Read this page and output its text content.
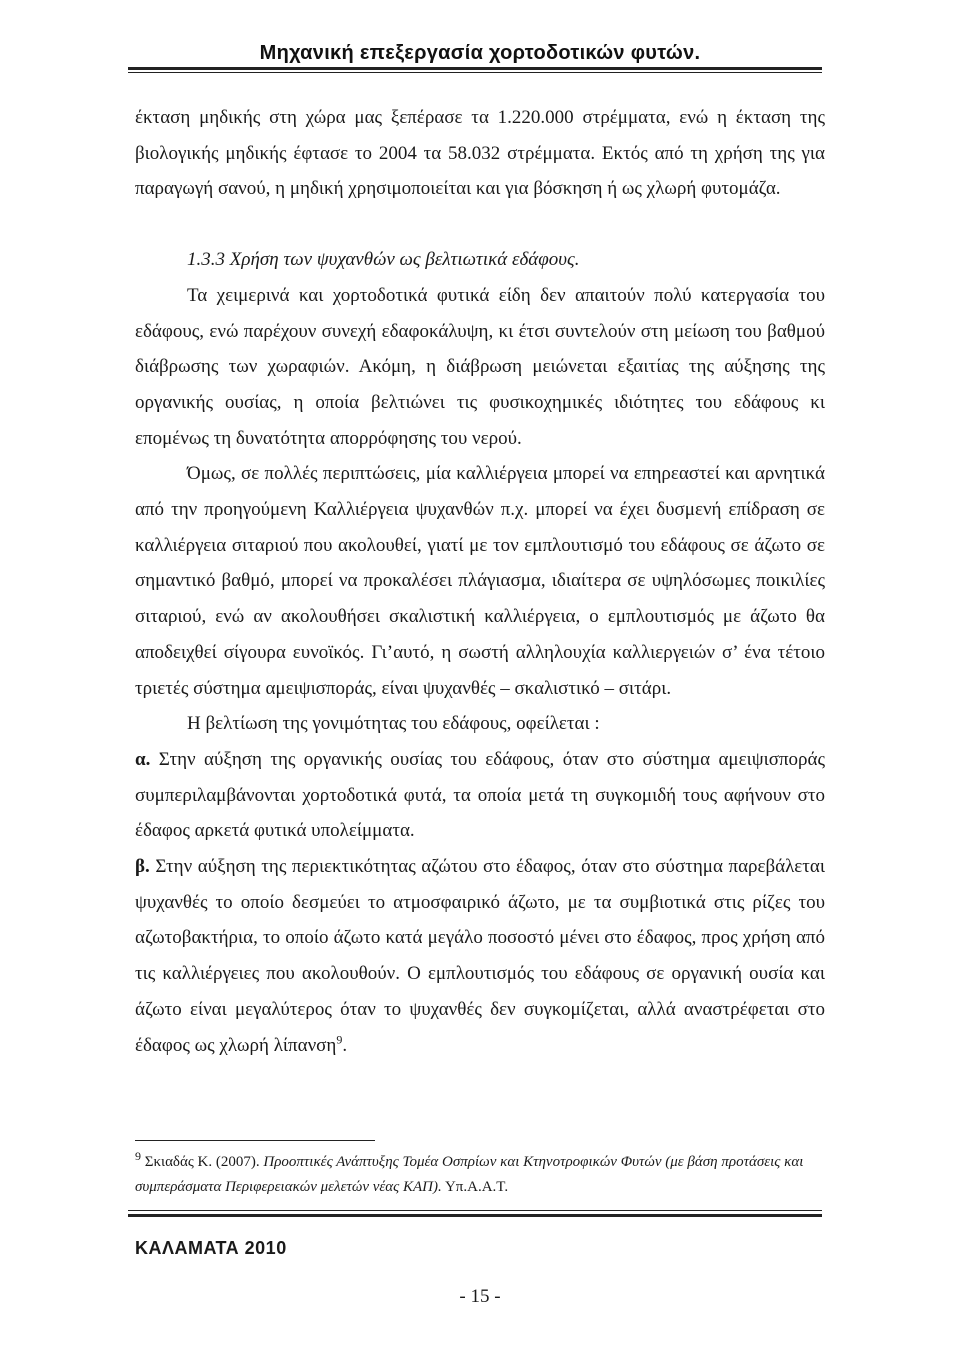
Μηχανική επεξεργασία χορτοδοτικών φυτών.

έκταση μηδικής στη χώρα μας ξεπέρασε τα 1.220.000 στρέμματα, ενώ η έκταση της βιολογικής μηδικής έφτασε το 2004 τα 58.032 στρέμματα. Εκτός από τη χρήση της για παραγωγή σανού, η μηδική χρησιμοποιείται και για βόσκηση ή ως χλωρή φυτομάζα.

1.3.3 Χρήση των ψυχανθών ως βελτιωτικά εδάφους.

Τα χειμερινά και χορτοδοτικά φυτικά είδη δεν απαιτούν πολύ κατεργασία του εδάφους, ενώ παρέχουν συνεχή εδαφοκάλυψη, κι έτσι συντελούν στη μείωση του βαθμού διάβρωσης των χωραφιών. Ακόμη, η διάβρωση μειώνεται εξαιτίας της αύξησης της οργανικής ουσίας, η οποία βελτιώνει τις φυσικοχημικές ιδιότητες του εδάφους κι επομένως τη δυνατότητα απορρόφησης του νερού.

Όμως, σε πολλές περιπτώσεις, μία καλλιέργεια μπορεί να επηρεαστεί και αρνητικά από την προηγούμενη Καλλιέργεια ψυχανθών π.χ. μπορεί να έχει δυσμενή επίδραση σε καλλιέργεια σιταριού που ακολουθεί, γιατί με τον εμπλουτισμό του εδάφους σε άζωτο σε σημαντικό βαθμό, μπορεί να προκαλέσει πλάγιασμα, ιδιαίτερα σε υψηλόσωμες ποικιλίες σιταριού, ενώ αν ακολουθήσει σκαλιστική καλλιέργεια, ο εμπλουτισμός με άζωτο θα αποδειχθεί σίγουρα ευνοϊκός. Γι’αυτό, η σωστή αλληλουχία καλλιεργειών σ’ ένα τέτοιο τριετές σύστημα αμειψισποράς, είναι ψυχανθές – σκαλιστικό – σιτάρι.

Η βελτίωση της γονιμότητας του εδάφους, οφείλεται :

α. Στην αύξηση της οργανικής ουσίας του εδάφους, όταν στο σύστημα αμειψισποράς συμπεριλαμβάνονται χορτοδοτικά φυτά, τα οποία μετά τη συγκομιδή τους αφήνουν στο έδαφος αρκετά φυτικά υπολείμματα.

β. Στην αύξηση της περιεκτικότητας αζώτου στο έδαφος, όταν στο σύστημα παρεβάλεται ψυχανθές το οποίο δεσμεύει το ατμοσφαιρικό άζωτο, με τα συμβιοτικά στις ρίζες του αζωτοβακτήρια, το οποίο άζωτο κατά μεγάλο ποσοστό μένει στο έδαφος, προς χρήση από τις καλλιέργειες που ακολουθούν. Ο εμπλουτισμός του εδάφους σε οργανική ουσία και άζωτο είναι μεγαλύτερος όταν το ψυχανθές δεν συγκομίζεται, αλλά αναστρέφεται στο έδαφος ως χλωρή λίπανση$^9$.

$^9$ Σκιαδάς Κ. (2007). Προοπτικές Ανάπτυξης Τομέα Οσπρίων και Κτηνοτροφικών Φυτών (με βάση προτάσεις και συμπεράσματα Περιφερειακών μελετών νέας ΚΑΠ). Υπ.Α.Α.Τ.
ΚΑΛΑΜΑΤΑ 2010
- 15 -
